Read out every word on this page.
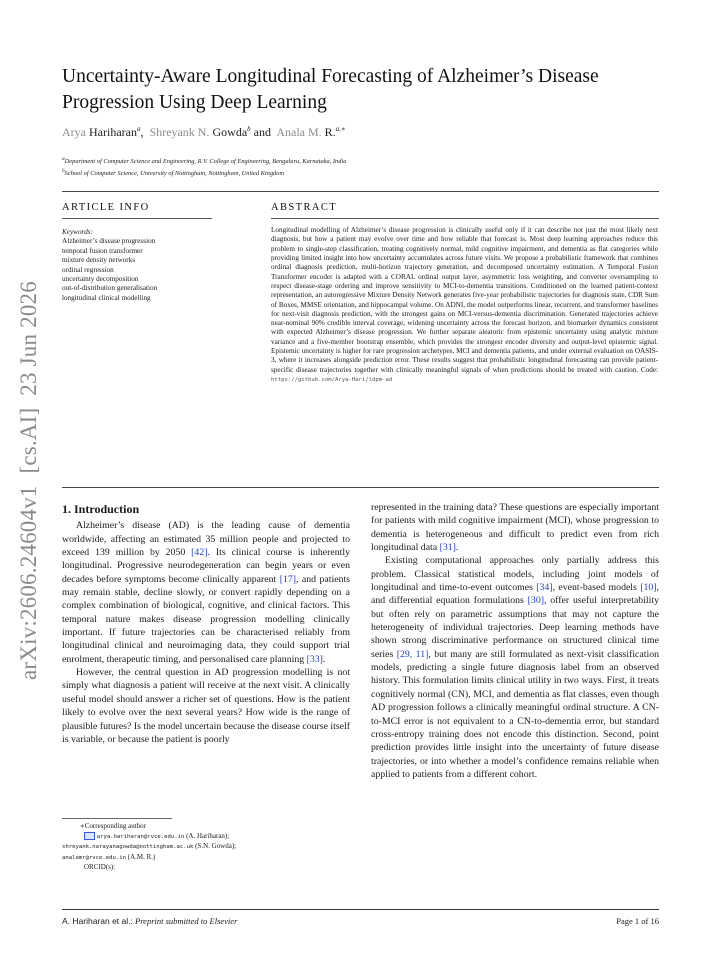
arXiv:2606.24604v1  [cs.AI]  23 Jun 2026
Uncertainty-Aware Longitudinal Forecasting of Alzheimer’s Disease
Progression Using Deep Learning
Arya Hariharan$^a$, Shreyank N. Gowda$^b$ and Anala M. R.$^{a,∗}$
$^a$Department of Computer Science and Engineering, R.V. College of Engineering, Bengaluru, Karnataka, India
$^b$School of Computer Science, University of Nottingham, Nottingham, United Kingdom
ARTICLE INFO	ABSTRACT
Keywords:
Alzheimer’s disease progression
temporal fusion transformer
mixture density networks
ordinal regression
uncertainty decomposition
out-of-distribution generalisation
longitudinal clinical modelling
Longitudinal modelling of Alzheimer’s disease progression is clinically useful only if it can describe not just the most likely next diagnosis, but how a patient may evolve over time and how reliable that forecast is. Most deep learning approaches reduce this problem to single-step classification, treating cognitively normal, mild cognitive impairment, and dementia as flat categories while providing limited insight into how uncertainty accumulates across future visits. We propose a probabilistic framework that combines ordinal diagnosis prediction, multi-horizon trajectory generation, and decomposed uncertainty estimation. A Temporal Fusion Transformer encoder is adapted with a CORAL ordinal output layer, asymmetric loss weighting, and converter oversampling to respect disease-stage ordering and improve sensitivity to MCI-to-dementia transitions. Conditioned on the learned patient-context representation, an autoregressive Mixture Density Network generates five-year probabilistic trajectories for diagnosis state, CDR Sum of Boxes, MMSE orientation, and hippocampal volume. On ADNI, the model outperforms linear, recurrent, and transformer baselines for next-visit diagnosis prediction, with the strongest gains on MCI-versus-dementia discrimination. Generated trajectories achieve near-nominal 90% credible interval coverage, widening uncertainty across the forecast horizon, and biomarker dynamics consistent with expected Alzheimer’s disease progression. We further separate aleatoric from epistemic uncertainty using analytic mixture variance and a five-member bootstrap ensemble, which provides the strongest encoder diversity and output-level epistemic signal. Epistemic uncertainty is higher for rare progression archetypes, MCI and dementia patients, and under external evaluation on OASIS-3, where it increases alongside prediction error. These results suggest that probabilistic longitudinal forecasting can provide patient-specific disease trajectories together with clinically meaningful signals of when predictions should be treated with caution. Code: https://github.com/Arya-Hari/ldpm-ad
1. Introduction

Alzheimer’s disease (AD) is the leading cause of dementia worldwide, affecting an estimated 35 million people and projected to exceed 139 million by 2050 [42]. Its clinical course is inherently longitudinal. Progressive neurodegeneration can begin years or even decades before symptoms become clinically apparent [17], and patients may remain stable, decline slowly, or convert rapidly depending on a complex combination of biological, cognitive, and clinical factors. This temporal nature makes disease progression modelling clinically important. If future trajectories can be characterised reliably from longitudinal clinical and neuroimaging data, they could support trial enrolment, therapeutic timing, and personalised care planning [33].

However, the central question in AD progression modelling is not simply what diagnosis a patient will receive at the next visit. A clinically useful model should answer a richer set of questions. How is the patient likely to evolve over the next several years? How wide is the range of plausible futures? Is the model uncertain because the disease course itself is variable, or because the patient is poorly

∗Corresponding author
arya.hariharan@rvce.edu.in (A. Hariharan);
shreyank.narayanagowda@nottingham.ac.uk (S.N. Gowda);
analamr@rvce.edu.in (A.M. R.)
ORCID(s):

represented in the training data? These questions are especially important for patients with mild cognitive impairment (MCI), whose progression to dementia is heterogeneous and difficult to predict even from rich longitudinal data [31].

Existing computational approaches only partially address this problem. Classical statistical models, including joint models of longitudinal and time-to-event outcomes [34], event-based models [10], and differential equation formulations [30], offer useful interpretability but often rely on parametric assumptions that may not capture the heterogeneity of individual trajectories. Deep learning methods have shown strong discriminative performance on structured clinical time series [29, 11], but many are still formulated as next-visit classification models, predicting a single future diagnosis label from an observed history. This formulation limits clinical utility in two ways. First, it treats cognitively normal (CN), MCI, and dementia as flat classes, even though AD progression follows a clinically meaningful ordinal structure. A CN-to-MCI error is not equivalent to a CN-to-dementia error, but standard cross-entropy training does not encode this distinction. Second, point prediction provides little insight into the uncertainty of future disease trajectories, or into whether a model’s confidence remains reliable when applied to patients from a different cohort.

A. Hariharan et al.: Preprint submitted to Elsevier	Page 1 of 16
